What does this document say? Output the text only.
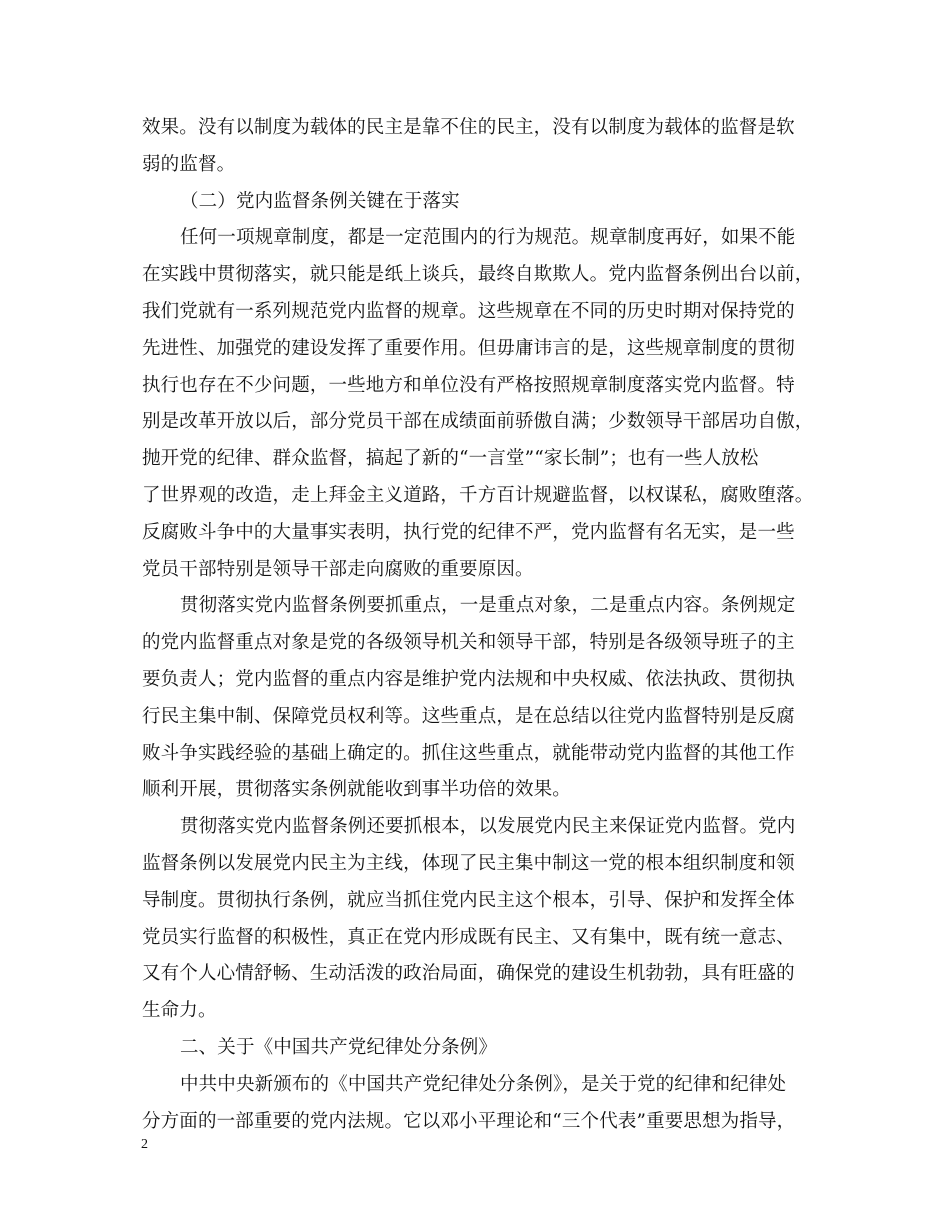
效果。没有以制度为载体的民主是靠不住的民主，没有以制度为载体的监督是软
弱的监督。
（二）党内监督条例关键在于落实
任何一项规章制度，都是一定范围内的行为规范。规章制度再好，如果不能
在实践中贯彻落实，就只能是纸上谈兵，最终自欺欺人。党内监督条例出台以前，
我们党就有一系列规范党内监督的规章。这些规章在不同的历史时期对保持党的
先进性、加强党的建设发挥了重要作用。但毋庸讳言的是，这些规章制度的贯彻
执行也存在不少问题，一些地方和单位没有严格按照规章制度落实党内监督。特
别是改革开放以后，部分党员干部在成绩面前骄傲自满；少数领导干部居功自傲，
抛开党的纪律、群众监督，搞起了新的“一言堂”“家长制”；也有一些人放松
了世界观的改造，走上拜金主义道路，千方百计规避监督，以权谋私，腐败堕落。
反腐败斗争中的大量事实表明，执行党的纪律不严，党内监督有名无实，是一些
党员干部特别是领导干部走向腐败的重要原因。
贯彻落实党内监督条例要抓重点，一是重点对象，二是重点内容。条例规定
的党内监督重点对象是党的各级领导机关和领导干部，特别是各级领导班子的主
要负责人；党内监督的重点内容是维护党内法规和中央权威、依法执政、贯彻执
行民主集中制、保障党员权利等。这些重点，是在总结以往党内监督特别是反腐
败斗争实践经验的基础上确定的。抓住这些重点，就能带动党内监督的其他工作
顺利开展，贯彻落实条例就能收到事半功倍的效果。
贯彻落实党内监督条例还要抓根本，以发展党内民主来保证党内监督。党内
监督条例以发展党内民主为主线，体现了民主集中制这一党的根本组织制度和领
导制度。贯彻执行条例，就应当抓住党内民主这个根本，引导、保护和发挥全体
党员实行监督的积极性，真正在党内形成既有民主、又有集中，既有统一意志、
又有个人心情舒畅、生动活泼的政治局面，确保党的建设生机勃勃，具有旺盛的
生命力。
二、关于《中国共产党纪律处分条例》
中共中央新颁布的《中国共产党纪律处分条例》，是关于党的纪律和纪律处
分方面的一部重要的党内法规。它以邓小平理论和“三个代表”重要思想为指导，
2
